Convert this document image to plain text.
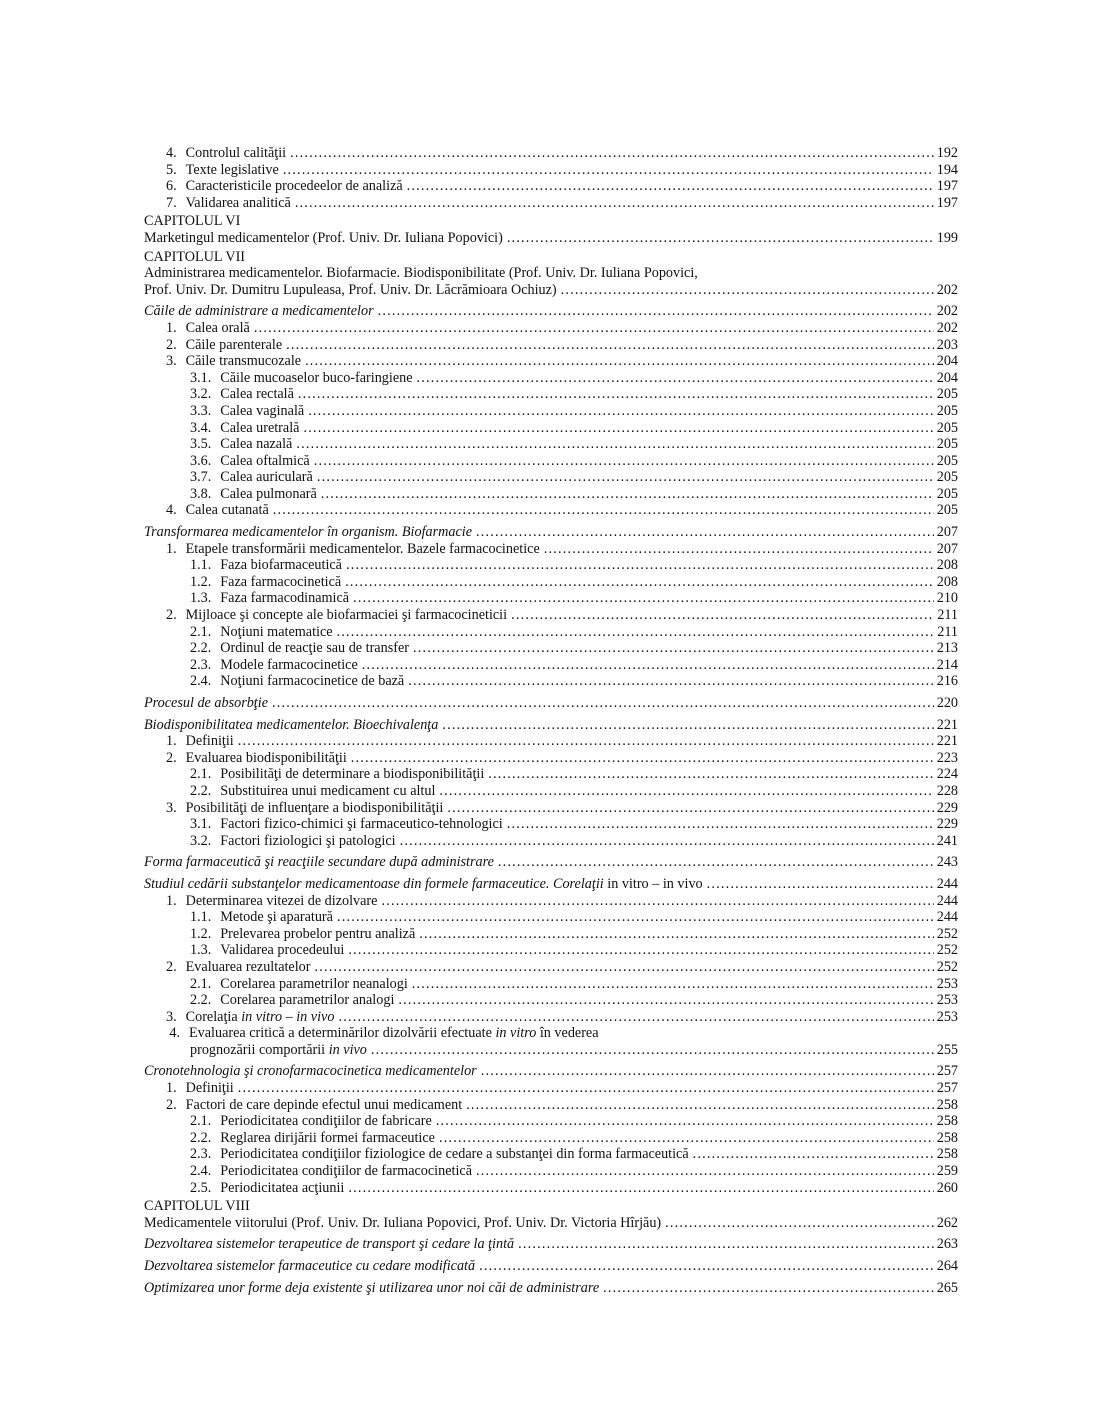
4. Controlul calităţii .....	192
5. Texte legislative .....	194
6. Caracteristicile procedeelor de analiză .....	197
7. Validarea analitică .....	197
CAPITOLUL VI
Marketingul medicamentelor (Prof. Univ. Dr. Iuliana Popovici) .....	199
CAPITOLUL VII
Administrarea medicamentelor. Biofarmacie. Biodisponibilitate (Prof. Univ. Dr. Iuliana Popovici,
Prof. Univ. Dr. Dumitru Lupuleasa, Prof. Univ. Dr. Lăcrămioara Ochiuz) .....	202
Căile de administrare a medicamentelor .....	202
1. Calea orală .....	202
2. Căile parenterale .....	203
3. Căile transmucozale .....	204
3.1. Căile mucoaselor buco-faringiene .....	204
3.2. Calea rectală .....	205
3.3. Calea vaginală .....	205
3.4. Calea uretrală .....	205
3.5. Calea nazală .....	205
3.6. Calea oftalmică .....	205
3.7. Calea auriculară .....	205
3.8. Calea pulmonară .....	205
4. Calea cutanată .....	205
Transformarea medicamentelor în organism. Biofarmacie .....	207
1. Etapele transformării medicamentelor. Bazele farmacocinetice .....	207
1.1. Faza biofarmaceutică .....	208
1.2. Faza farmacocinetică .....	208
1.3. Faza farmacodinamică .....	210
2. Mijloace şi concepte ale biofarmaciei şi farmacocineticii .....	211
2.1. Noţiuni matematice .....	211
2.2. Ordinul de reacţie sau de transfer .....	213
2.3. Modele farmacocinetice .....	214
2.4. Noţiuni farmacocinetice de bază .....	216
Procesul de absorbţie .....	220
Biodisponibilitatea medicamentelor. Bioechivalenţa .....	221
1. Definiţii .....	221
2. Evaluarea biodisponibilităţii .....	223
2.1. Posibilităţi de determinare a biodisponibilităţii .....	224
2.2. Substituirea unui medicament cu altul .....	228
3. Posibilităţi de influenţare a biodisponibilităţii .....	229
3.1. Factori fizico-chimici şi farmaceutico-tehnologici .....	229
3.2. Factori fiziologici şi patologici .....	241
Forma farmaceutică şi reacţiile secundare după administrare .....	243
Studiul cedării substanţelor medicamentoase din formele farmaceutice. Corelaţii in vitro – in vivo .....	244
1. Determinarea vitezei de dizolvare .....	244
1.1. Metode şi aparatură .....	244
1.2. Prelevarea probelor pentru analiză .....	252
1.3. Validarea procedeului .....	252
2. Evaluarea rezultatelor .....	252
2.1. Corelarea parametrilor neanalogi .....	253
2.2. Corelarea parametrilor analogi .....	253
3. Corelaţia in vitro – in vivo .....	253
4. Evaluarea critică a determinărilor dizolvării efectuate in vitro în vederea
prognozării comportării in vivo .....	255
Cronotehnologia şi cronofarmacocinetica medicamentelor .....	257
1. Definiţii .....	257
2. Factori de care depinde efectul unui medicament .....	258
2.1. Periodicitatea condiţiilor de fabricare .....	258
2.2. Reglarea dirijării formei farmaceutice .....	258
2.3. Periodicitatea condiţiilor fiziologice de cedare a substanţei din forma farmaceutică .....	258
2.4. Periodicitatea condiţiilor de farmacocinetică .....	259
2.5. Periodicitatea acţiunii .....	260
CAPITOLUL VIII
Medicamentele viitorului (Prof. Univ. Dr. Iuliana Popovici, Prof. Univ. Dr. Victoria Hîrjău) .....	262
Dezvoltarea sistemelor terapeutice de transport şi cedare la ţintă .....	263
Dezvoltarea sistemelor farmaceutice cu cedare modificată .....	264
Optimizarea unor forme deja existente şi utilizarea unor noi căi de administrare .....	265
